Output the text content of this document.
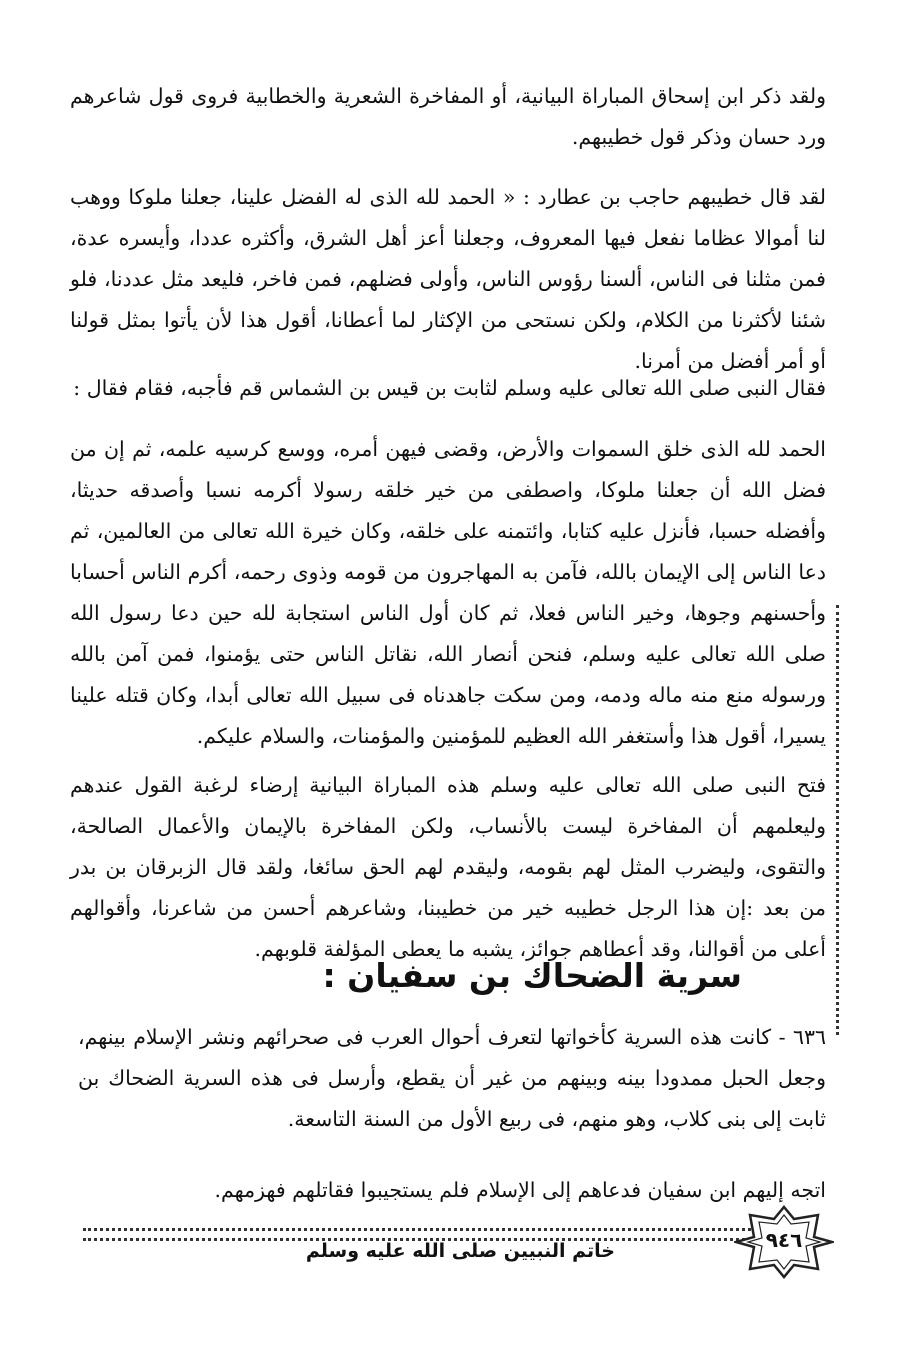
ولقد ذكر ابن إسحاق المباراة البيانية، أو المفاخرة الشعرية والخطابية فروى قول شاعرهم ورد حسان وذكر قول خطيبهم.

لقد قال خطيبهم حاجب بن عطارد : « الحمد لله الذى له الفضل علينا، جعلنا ملوكا ووهب لنا أموالا عظاما نفعل فيها المعروف، وجعلنا أعز أهل الشرق، وأكثره عددا، وأيسره عدة، فمن مثلنا فى الناس، ألسنا رؤوس الناس، وأولى فضلهم، فمن فاخر، فليعد مثل عددنا، فلو شئنا لأكثرنا من الكلام، ولكن نستحى من الإكثار لما أعطانا، أقول هذا لأن يأتوا بمثل قولنا أو أمر أفضل من أمرنا.

فقال النبى صلى الله تعالى عليه وسلم لثابت بن قيس بن الشماس قم فأجبه، فقام فقال :

الحمد لله الذى خلق السموات والأرض، وقضى فيهن أمره، ووسع كرسيه علمه، ثم إن من فضل الله أن جعلنا ملوكا، واصطفى من خير خلقه رسولا أكرمه نسبا وأصدقه حديثا، وأفضله حسبا، فأنزل عليه كتابا، وائتمنه على خلقه، وكان خيرة الله تعالى من العالمين، ثم دعا الناس إلى الإيمان بالله، فآمن به المهاجرون من قومه وذوى رحمه، أكرم الناس أحسابا وأحسنهم وجوها، وخير الناس فعلا، ثم كان أول الناس استجابة لله حين دعا رسول الله صلى الله تعالى عليه وسلم، فنحن أنصار الله، نقاتل الناس حتى يؤمنوا، فمن آمن بالله ورسوله منع منه ماله ودمه، ومن سكت جاهدناه فى سبيل الله تعالى أبدا، وكان قتله علينا يسيرا، أقول هذا وأستغفر الله العظيم للمؤمنين والمؤمنات، والسلام عليكم.

فتح النبى صلى الله تعالى عليه وسلم هذه المباراة البيانية إرضاء لرغبة القول عندهم وليعلمهم أن المفاخرة ليست بالأنساب، ولكن المفاخرة بالإيمان والأعمال الصالحة، والتقوى، وليضرب المثل لهم بقومه، وليقدم لهم الحق سائغا، ولقد قال الزبرقان بن بدر من بعد :إن هذا الرجل خطيبه خير من خطيبنا، وشاعرهم أحسن من شاعرنا، وأقوالهم أعلى من أقوالنا، وقد أعطاهم جوائز، يشبه ما يعطى المؤلفة قلوبهم.

سرية الضحاك بن سفيان :

٦٣٦ - كانت هذه السرية كأخواتها لتعرف أحوال العرب فى صحرائهم ونشر الإسلام بينهم، وجعل الحبل ممدودا بينه وبينهم من غير أن يقطع، وأرسل فى هذه السرية الضحاك بن ثابت إلى بنى كلاب، وهو منهم، فى ربيع الأول من السنة التاسعة.

اتجه إليهم ابن سفيان فدعاهم إلى الإسلام فلم يستجيبوا فقاتلهم فهزمهم.

خاتم النبيين صلى الله عليه وسلم	٩٤٦
